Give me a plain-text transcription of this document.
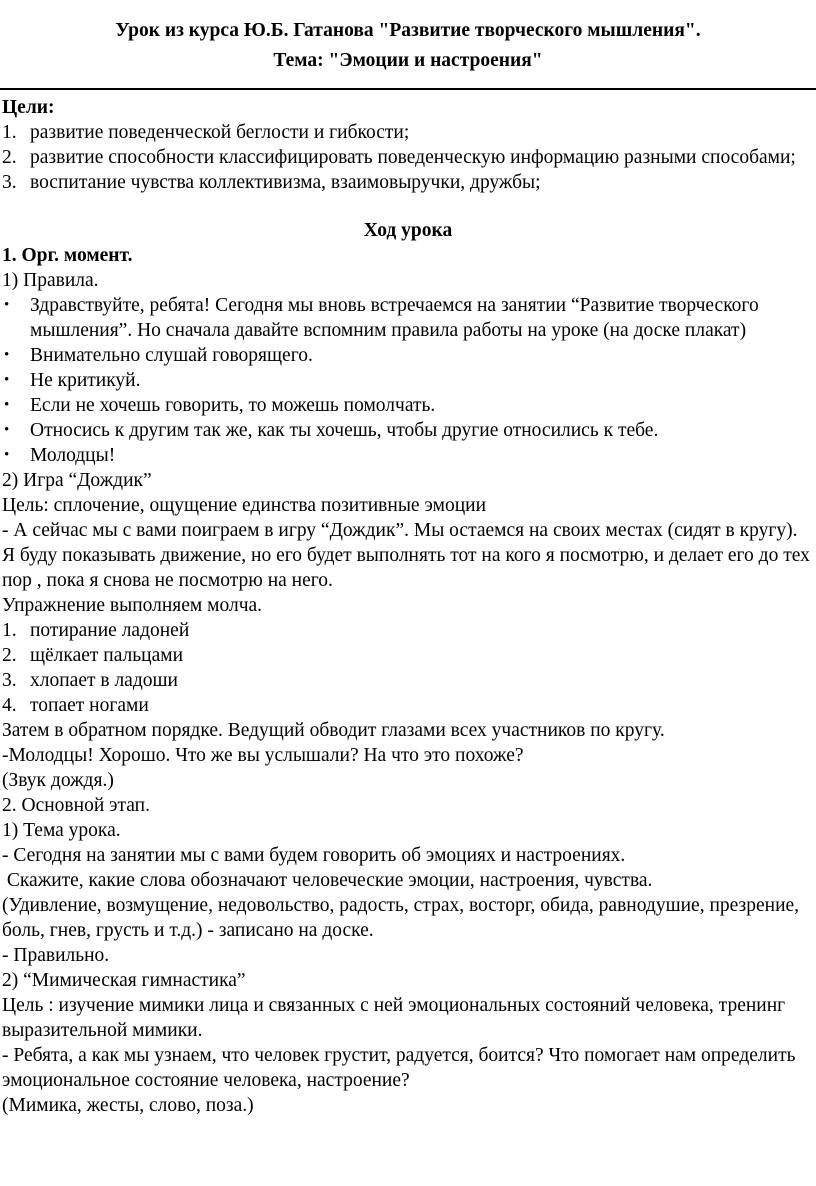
Урок из курса Ю.Б. Гатанова "Развитие творческого мышления".
Тема: "Эмоции и настроения"
Цели:
1. развитие поведенческой беглости и гибкости;
2. развитие способности классифицировать поведенческую информацию разными способами;
3. воспитание чувства коллективизма, взаимовыручки, дружбы;
Ход урока
1. Орг. момент.
1) Правила.
•	Здравствуйте, ребята! Сегодня мы вновь встречаемся на занятии “Развитие творческого мышления”. Но сначала давайте вспомним правила работы на уроке (на доске плакат)
•	Внимательно слушай говорящего.
•	Не критикуй.
•	Если не хочешь говорить, то можешь помолчать.
•	Относись к другим так же, как ты хочешь, чтобы другие относились к тебе.
•	Молодцы!
2) Игра “Дождик”
Цель: сплочение, ощущение единства позитивные эмоции
- А сейчас мы с вами поиграем в игру “Дождик”. Мы остаемся на своих местах (сидят в кругу). Я буду показывать движение, но его будет выполнять тот на кого я посмотрю, и делает его до тех пор , пока я снова не посмотрю на него.
Упражнение выполняем молча.
1. потирание ладоней
2. щёлкает пальцами
3. хлопает в ладоши
4. топает ногами
Затем в обратном порядке. Ведущий обводит глазами всех участников по кругу.
-Молодцы! Хорошо. Что же вы услышали? На что это похоже?
(Звук дождя.)
2. Основной этап.
1) Тема урока.
- Сегодня на занятии мы с вами будем говорить об эмоциях и настроениях.
Скажите, какие слова обозначают человеческие эмоции, настроения, чувства.
(Удивление, возмущение, недовольство, радость, страх, восторг, обида, равнодушие, презрение, боль, гнев, грусть и т.д.) - записано на доске.
- Правильно.
2) “Мимическая гимнастика”
Цель : изучение мимики лица и связанных с ней эмоциональных состояний человека, тренинг выразительной мимики.
- Ребята, а как мы узнаем, что человек грустит, радуется, боится? Что помогает нам определить эмоциональное состояние человека, настроение?
(Мимика, жесты, слово, поза.)
